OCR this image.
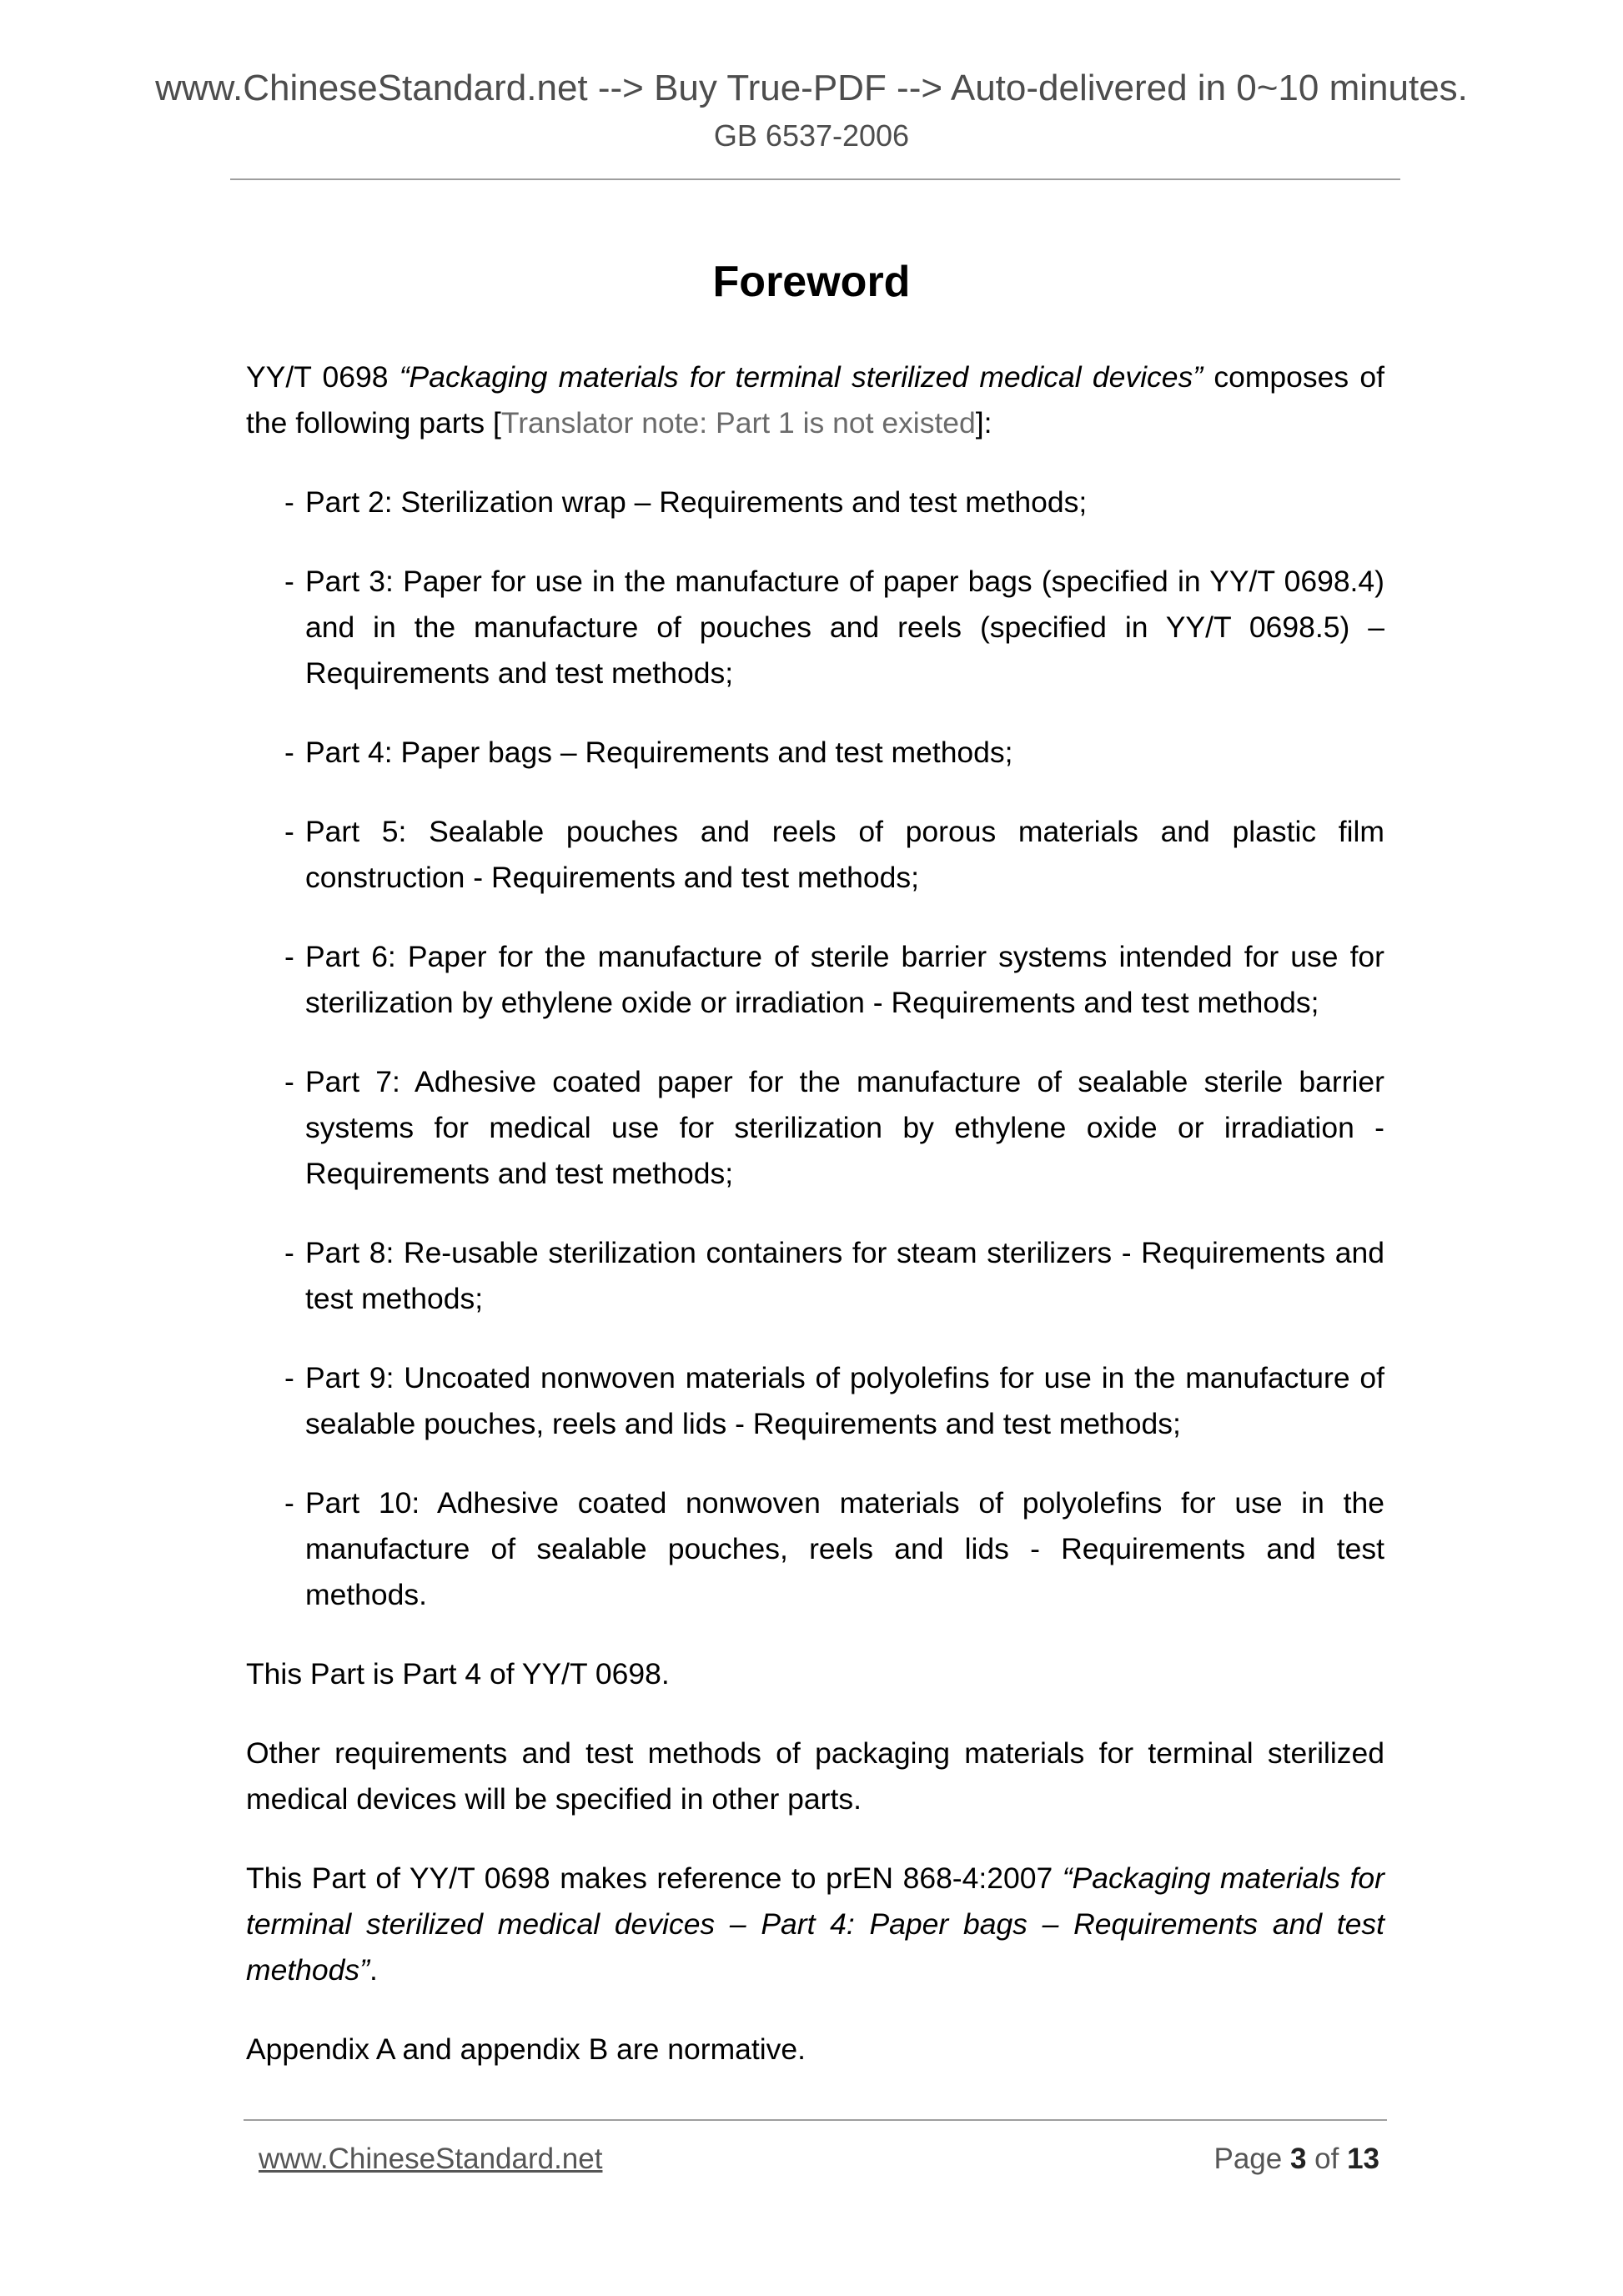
www.ChineseStandard.net --> Buy True-PDF --> Auto-delivered in 0~10 minutes.
GB 6537-2006
Foreword

YY/T 0698 “Packaging materials for terminal sterilized medical devices” composes of the following parts [Translator note: Part 1 is not existed]:

- Part 2: Sterilization wrap – Requirements and test methods;
- Part 3: Paper for use in the manufacture of paper bags (specified in YY/T 0698.4) and in the manufacture of pouches and reels (specified in YY/T 0698.5) – Requirements and test methods;
- Part 4: Paper bags – Requirements and test methods;
- Part 5: Sealable pouches and reels of porous materials and plastic film construction - Requirements and test methods;
- Part 6: Paper for the manufacture of sterile barrier systems intended for use for sterilization by ethylene oxide or irradiation - Requirements and test methods;
- Part 7: Adhesive coated paper for the manufacture of sealable sterile barrier systems for medical use for sterilization by ethylene oxide or irradiation - Requirements and test methods;
- Part 8: Re-usable sterilization containers for steam sterilizers - Requirements and test methods;
- Part 9: Uncoated nonwoven materials of polyolefins for use in the manufacture of sealable pouches, reels and lids - Requirements and test methods;
- Part 10: Adhesive coated nonwoven materials of polyolefins for use in the manufacture of sealable pouches, reels and lids - Requirements and test methods.

This Part is Part 4 of YY/T 0698.

Other requirements and test methods of packaging materials for terminal sterilized medical devices will be specified in other parts.

This Part of YY/T 0698 makes reference to prEN 868-4:2007 “Packaging materials for terminal sterilized medical devices – Part 4: Paper bags – Requirements and test methods”.

Appendix A and appendix B are normative.

www.ChineseStandard.net	Page 3 of 13
